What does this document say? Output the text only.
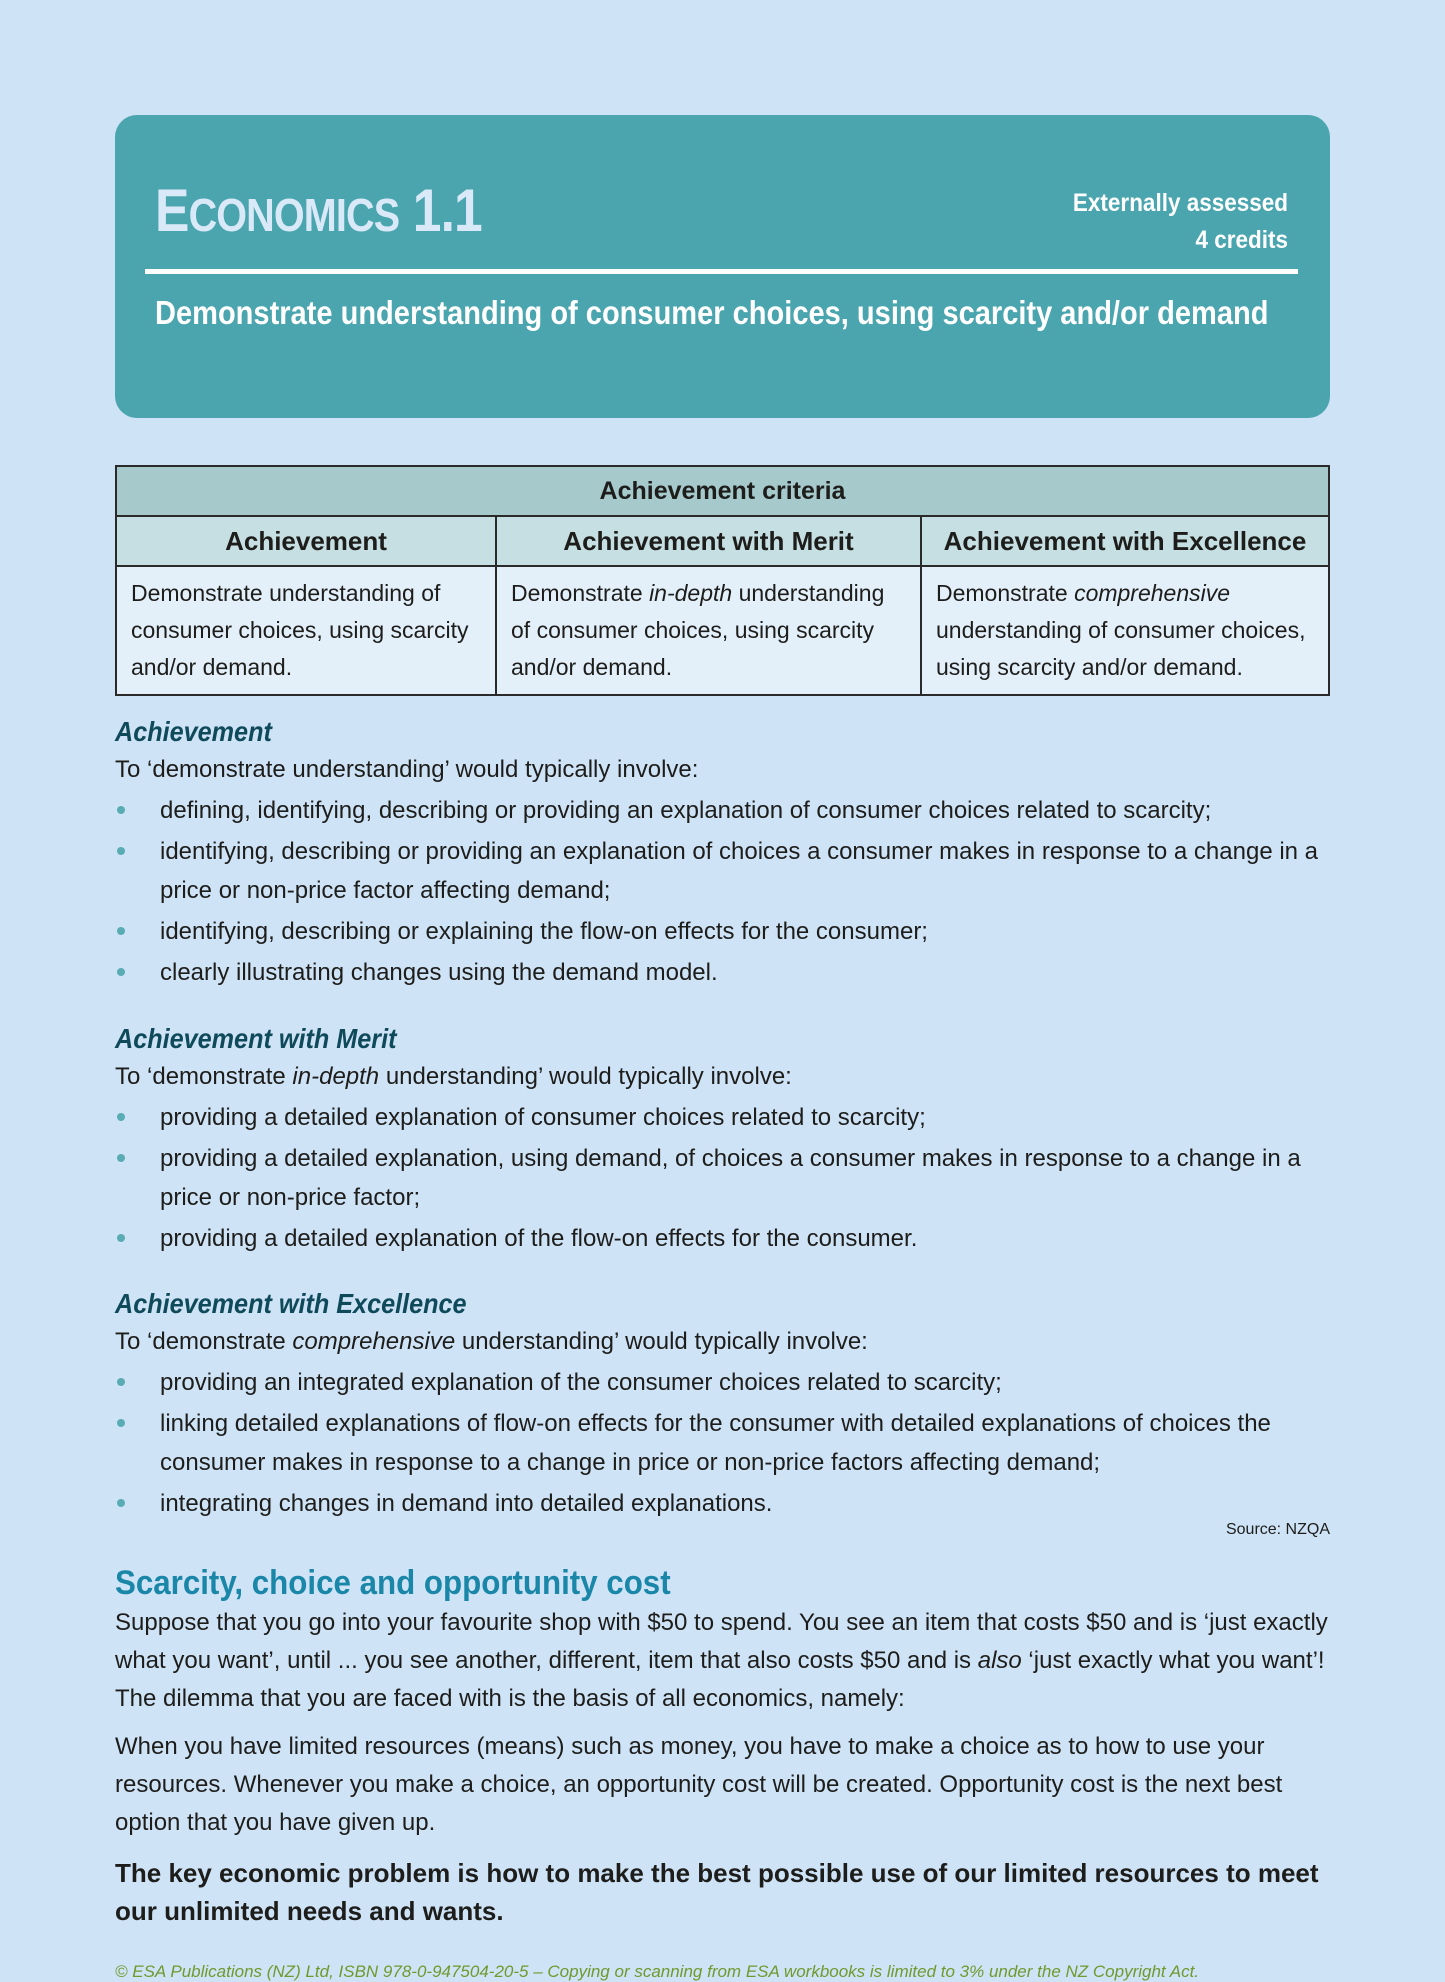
ECONOMICS 1.1	Externally assessed
4 credits
Demonstrate understanding of consumer choices, using scarcity and/or demand
Achievement criteria		
Achievement	Achievement with Merit	Achievement with Excellence
Demonstrate understanding of consumer choices, using scarcity and/or demand.	Demonstrate in-depth understanding of consumer choices, using scarcity and/or demand.	Demonstrate comprehensive understanding of consumer choices, using scarcity and/or demand.
Achievement
To ‘demonstrate understanding’ would typically involve:
defining, identifying, describing or providing an explanation of consumer choices related to scarcity;
identifying, describing or providing an explanation of choices a consumer makes in response to a change in a price or non-price factor affecting demand;
identifying, describing or explaining the flow-on effects for the consumer;
clearly illustrating changes using the demand model.
Achievement with Merit
To ‘demonstrate in-depth understanding’ would typically involve:
providing a detailed explanation of consumer choices related to scarcity;
providing a detailed explanation, using demand, of choices a consumer makes in response to a change in a price or non-price factor;
providing a detailed explanation of the flow-on effects for the consumer.
Achievement with Excellence
To ‘demonstrate comprehensive understanding’ would typically involve:
providing an integrated explanation of the consumer choices related to scarcity;
linking detailed explanations of flow-on effects for the consumer with detailed explanations of choices the consumer makes in response to a change in price or non-price factors affecting demand;
integrating changes in demand into detailed explanations.
Source: NZQA
Scarcity, choice and opportunity cost

Suppose that you go into your favourite shop with $50 to spend. You see an item that costs $50 and is ‘just exactly what you want’, until ... you see another, different, item that also costs $50 and is also ‘just exactly what you want’! The dilemma that you are faced with is the basis of all economics, namely:

When you have limited resources (means) such as money, you have to make a choice as to how to use your resources. Whenever you make a choice, an opportunity cost will be created. Opportunity cost is the next best option that you have given up.

The key economic problem is how to make the best possible use of our limited resources to meet our unlimited needs and wants.

© ESA Publications (NZ) Ltd, ISBN 978-0-947504-20-5 – Copying or scanning from ESA workbooks is limited to 3% under the NZ Copyright Act.
